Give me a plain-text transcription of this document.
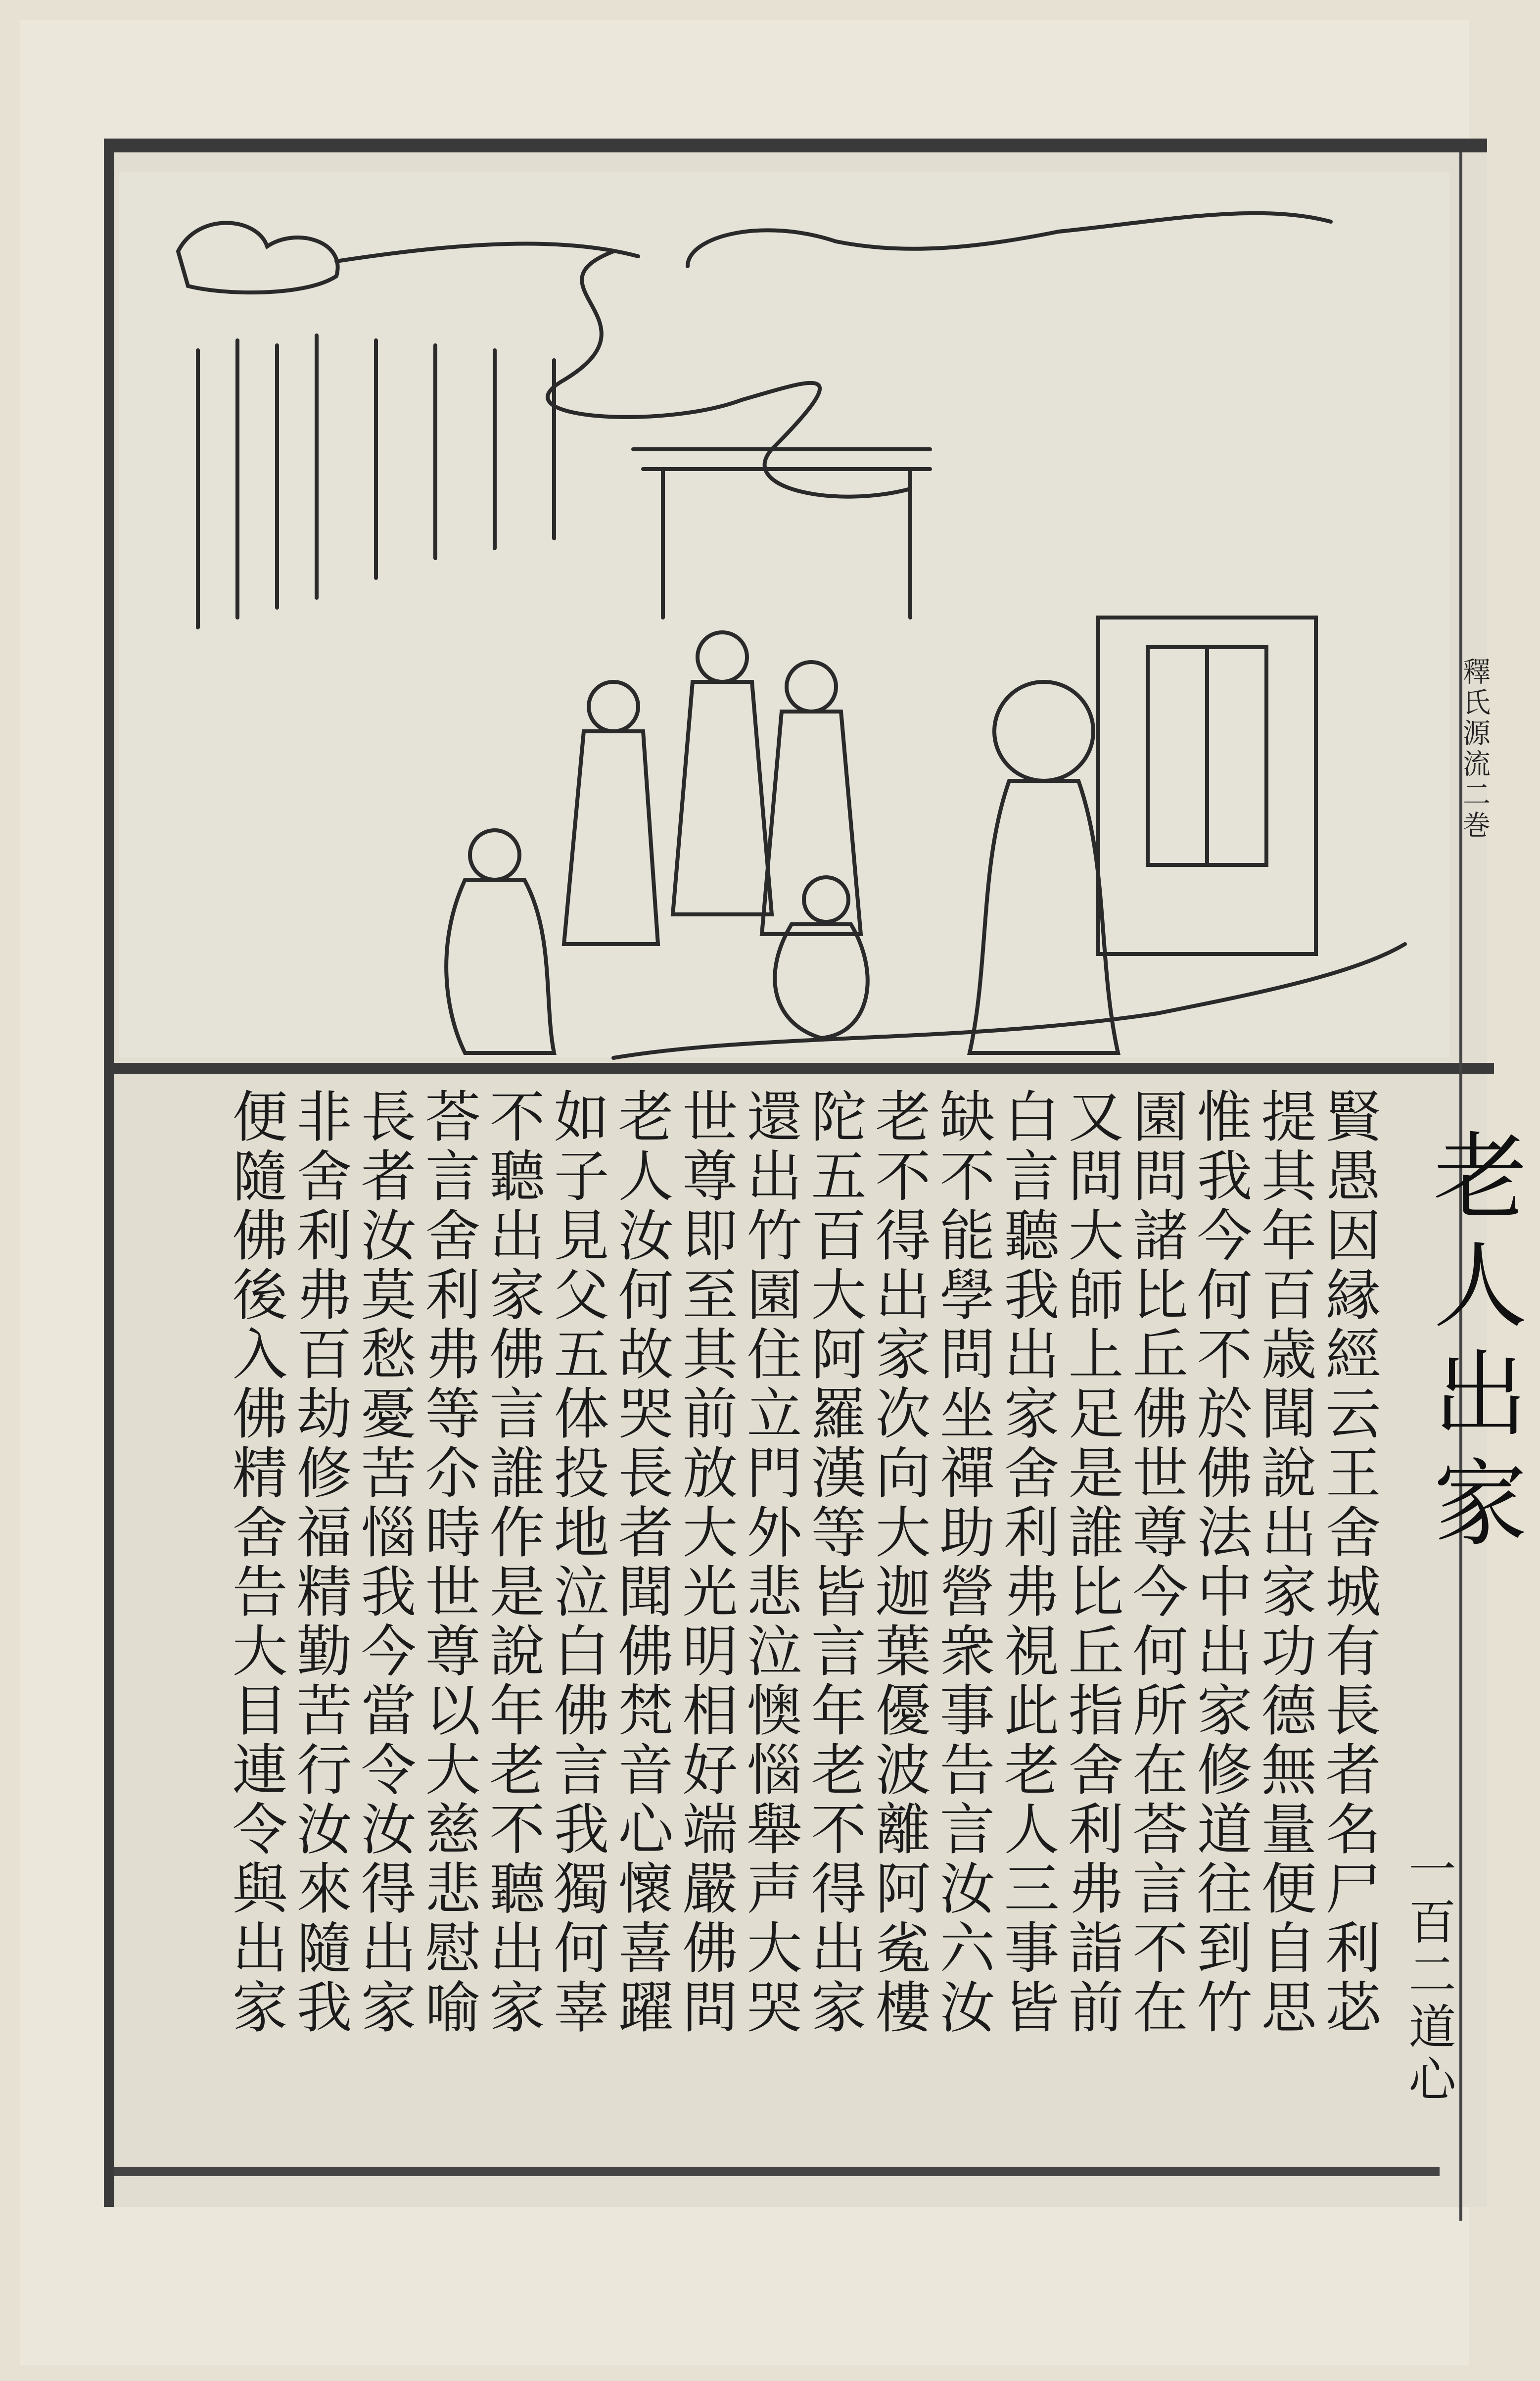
釋氏源流二巻
老人出家
一百二道心
賢愚因縁經云王舍城有長者名尸利苾
提其年百歳聞說出家功德無量便自思
惟我今何不於佛法中出家修道往到竹
園問諸比丘佛世尊今何所在荅言不在
又問大師上足是誰比丘指舍利弗詣前
白言聽我出家舍利弗視此老人三事皆
缺不能學問坐禪助營衆事告言汝六汝
老不得出家次向大迦葉優波離阿㝹樓
陀五百大阿羅漢等皆言年老不得出家
還出竹園住立門外悲泣懊惱舉声大哭
世尊即至其前放大光明相好端嚴佛問
老人汝何故哭長者聞佛梵音心懷喜躍
如子見父五体投地泣白佛言我獨何辜
不聽出家佛言誰作是說年老不聽出家
荅言舍利弗等尒時世尊以大慈悲慰喻
長者汝莫愁憂苦惱我今當令汝得出家
非舍利弗百劫修福精勤苦行汝來隨我
便隨佛後入佛精舍告大目連令與出家
